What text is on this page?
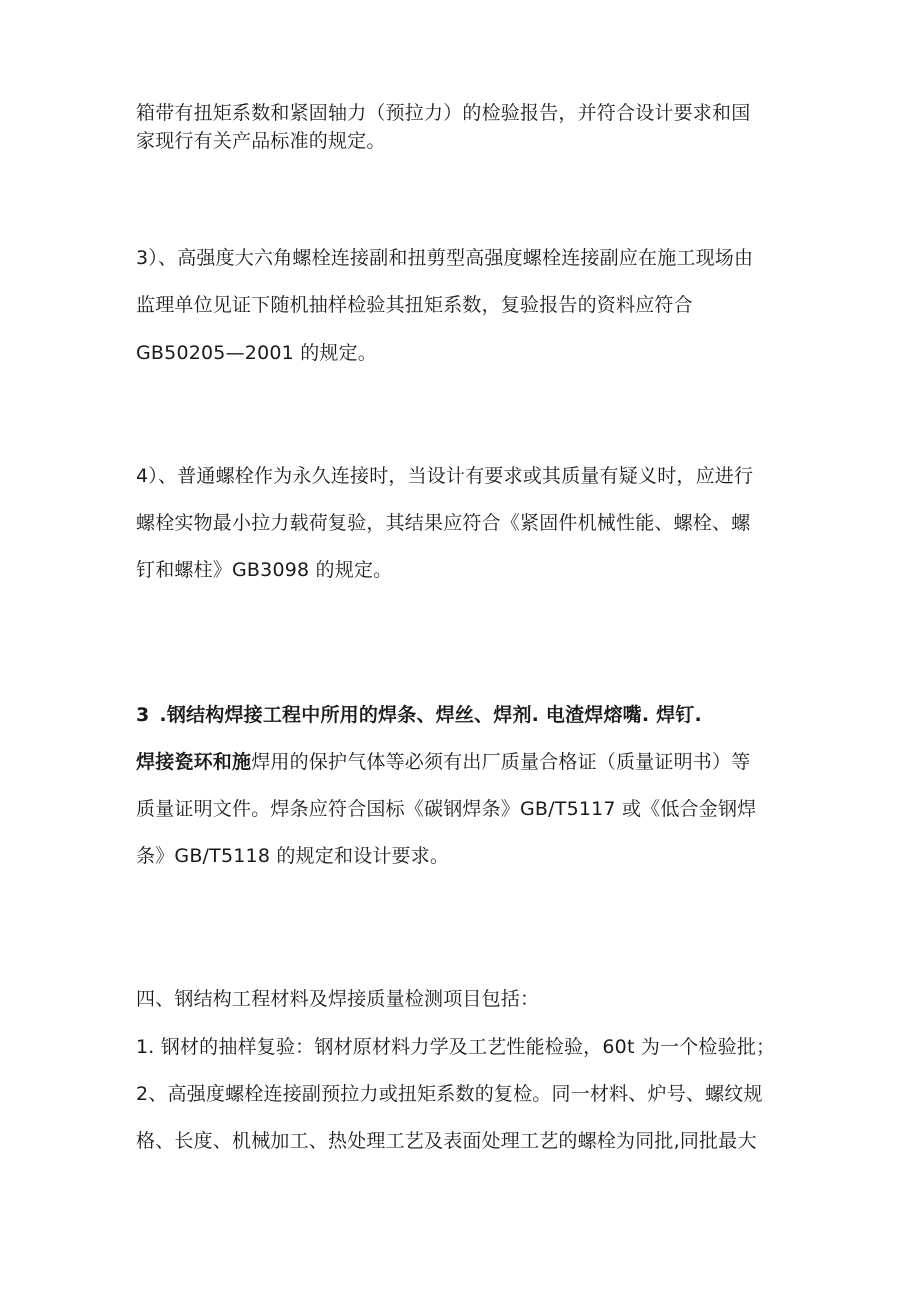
箱带有扭矩系数和紧固轴力（预拉力）的检验报告，并符合设计要求和国
家现行有关产品标准的规定。
3）、高强度大六角螺栓连接副和扭剪型高强度螺栓连接副应在施工现场由
监理单位见证下随机抽样检验其扭矩系数，复验报告的资料应符合
GB50205—2001 的规定。
4）、普通螺栓作为永久连接时，当设计有要求或其质量有疑义时，应进行
螺栓实物最小拉力载荷复验，其结果应符合《紧固件机械性能、螺栓、螺
钉和螺柱》GB3098 的规定。
3 .钢结构焊接工程中所用的焊条、焊丝、焊剂. 电渣焊熔嘴. 焊钉.
焊接瓷环和施焊用的保护气体等必须有出厂质量合格证（质量证明书）等
质量证明文件。焊条应符合国标《碳钢焊条》GB/T5117 或《低合金钢焊
条》GB/T5118 的规定和设计要求。
四、钢结构工程材料及焊接质量检测项目包括：
1. 钢材的抽样复验：钢材原材料力学及工艺性能检验，60t 为一个检验批；
2、高强度螺栓连接副预拉力或扭矩系数的复检。同一材料、炉号、螺纹规
格、长度、机械加工、热处理工艺及表面处理工艺的螺栓为同批,同批最大
